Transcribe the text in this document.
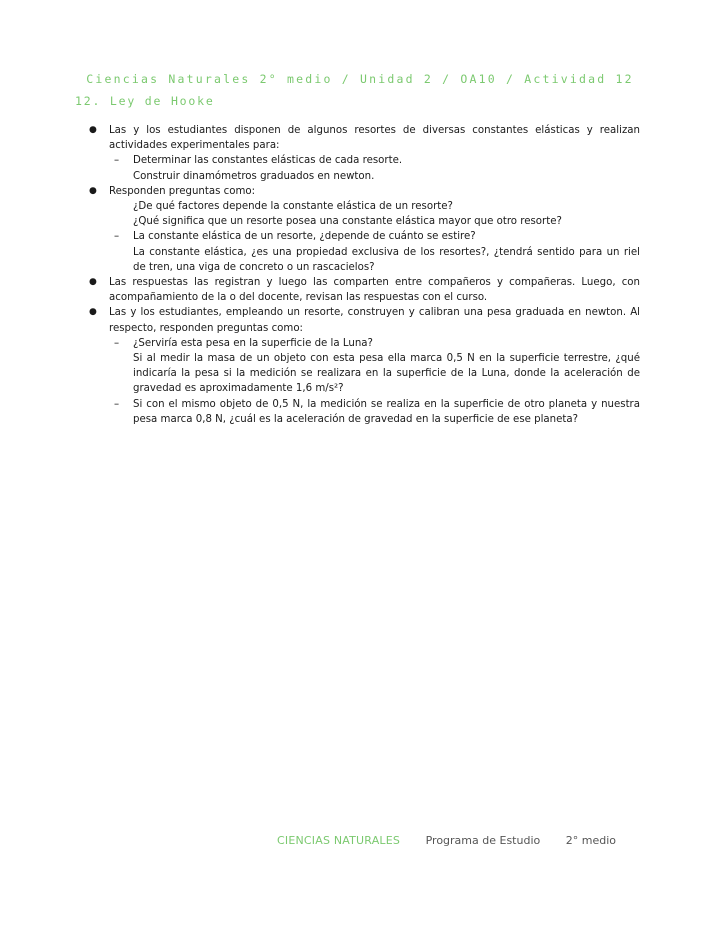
Ciencias Naturales 2° medio / Unidad 2 / OA10 / Actividad 12
12. Ley de Hooke
● Las y los estudiantes disponen de algunos resortes de diversas constantes elásticas y realizan actividades experimentales para:
– Determinar las constantes elásticas de cada resorte.
Construir dinamómetros graduados en newton.
● Responden preguntas como:
¿De qué factores depende la constante elástica de un resorte?
¿Qué significa que un resorte posea una constante elástica mayor que otro resorte?
– La constante elástica de un resorte, ¿depende de cuánto se estire?
La constante elástica, ¿es una propiedad exclusiva de los resortes?, ¿tendrá sentido para un riel de tren, una viga de concreto o un rascacielos?
● Las respuestas las registran y luego las comparten entre compañeros y compañeras. Luego, con acompañamiento de la o del docente, revisan las respuestas con el curso.
● Las y los estudiantes, empleando un resorte, construyen y calibran una pesa graduada en newton. Al respecto, responden preguntas como:
– ¿Serviría esta pesa en la superficie de la Luna?
Si al medir la masa de un objeto con esta pesa ella marca 0,5 N en la superficie terrestre, ¿qué indicaría la pesa si la medición se realizara en la superficie de la Luna, donde la aceleración de gravedad es aproximadamente 1,6 m/s²?
– Si con el mismo objeto de 0,5 N, la medición se realiza en la superficie de otro planeta y nuestra pesa marca 0,8 N, ¿cuál es la aceleración de gravedad en la superficie de ese planeta?
CIENCIAS NATURALES Programa de Estudio 2° medio
